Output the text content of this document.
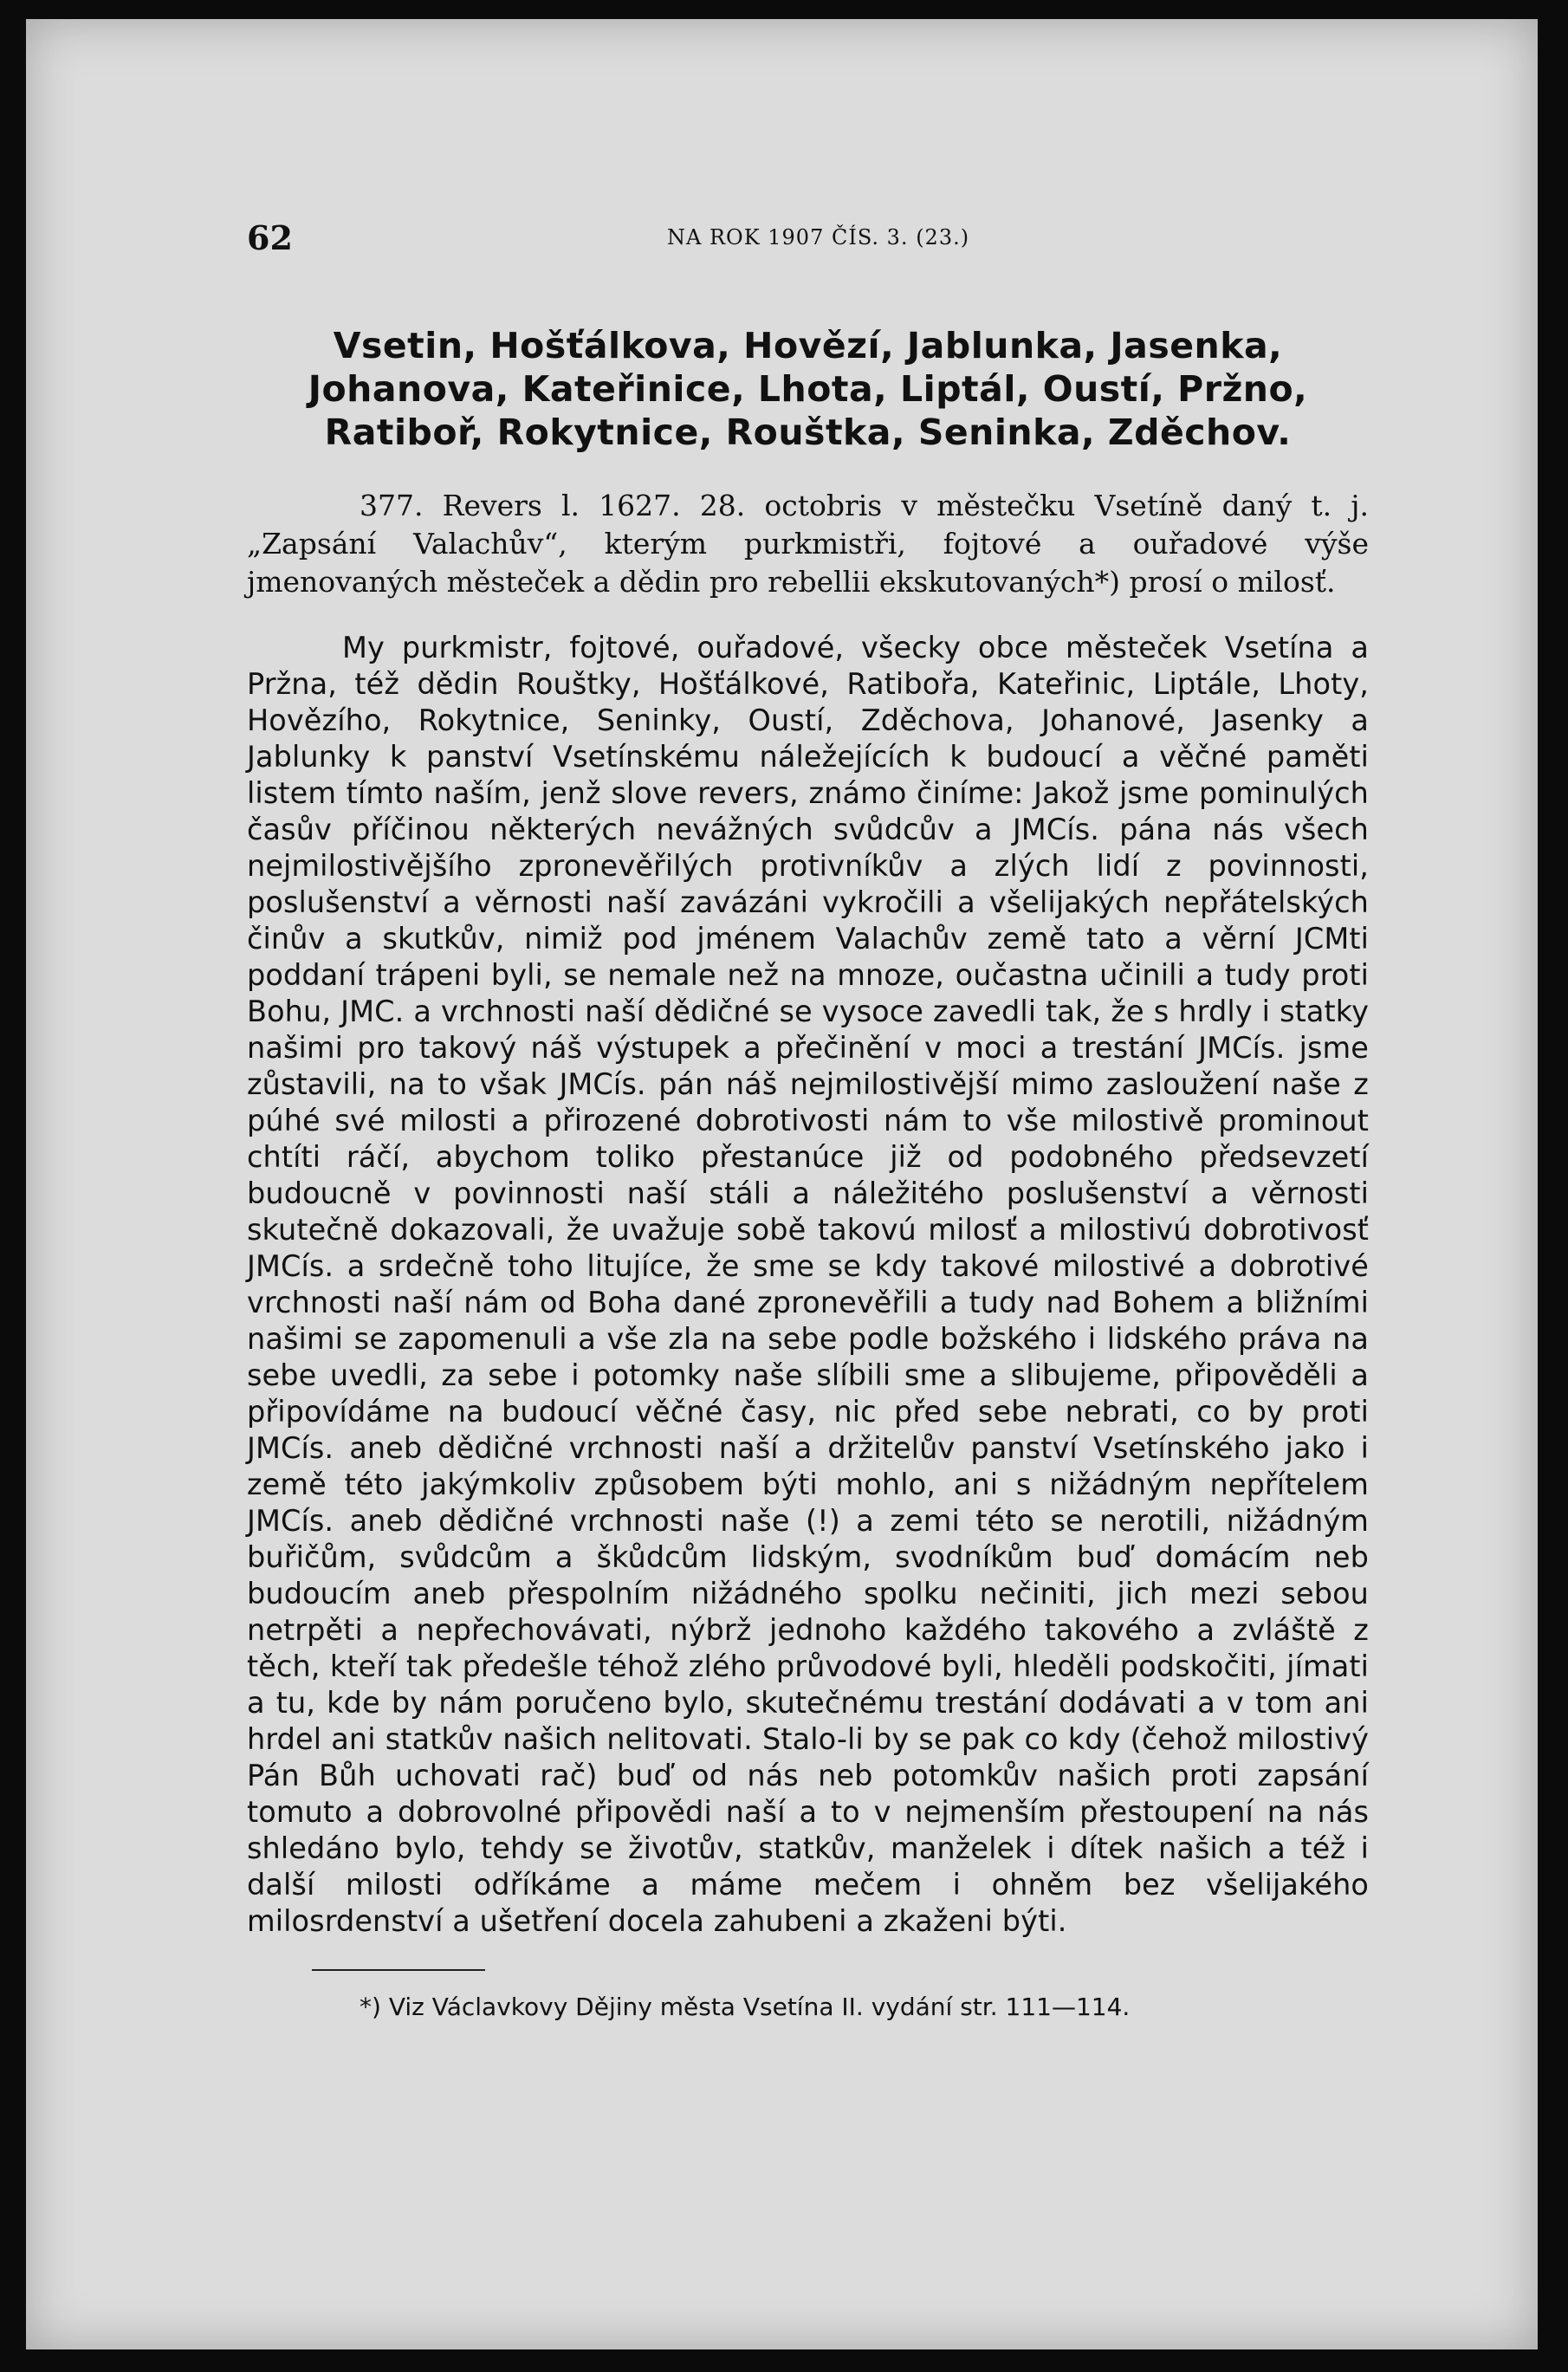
62	NA ROK 1907 ČÍS. 3. (23.)
Vsetin, Hošťálkova, Hovězí, Jablunka, Jasenka, Johanova, Kateřinice, Lhota, Liptál, Oustí, Pržno, Ratiboř, Rokytnice, Rouštka, Seninka, Zděchov.

377. Revers l. 1627. 28. octobris v městečku Vsetíně daný t. j. „Zapsání Valachův“, kterým purkmistři, fojtové a ouřadové výše jmenovaných městeček a dědin pro rebellii ekskutovaných*) prosí o milosť.

My purkmistr, fojtové, ouřadové, všecky obce městeček Vsetína a Pržna, též dědin Rouštky, Hošťálkové, Ratibořa, Kateřinic, Liptále, Lhoty, Hovězího, Rokytnice, Seninky, Oustí, Zděchova, Johanové, Jasenky a Jablunky k panství Vsetínskému náležejících k budoucí a věčné paměti listem tímto naším, jenž slove revers, známo činíme: Jakož jsme pominulých časův příčinou některých nevážných svůdcův a JMCís. pána nás všech nejmilostivějšího zpronevěřilých protivníkův a zlých lidí z povinnosti, poslušenství a věrnosti naší zavázáni vykročili a všelijakých nepřátelských činův a skutkův, nimiž pod jménem Valachův země tato a věrní JCMti poddaní trápeni byli, se nemale než na mnoze, oučastna učinili a tudy proti Bohu, JMC. a vrchnosti naší dědičné se vysoce zavedli tak, že s hrdly i statky našimi pro takový náš výstupek a přečinění v moci a trestání JMCís. jsme zůstavili, na to však JMCís. pán náš nejmilostivější mimo zasloužení naše z púhé své milosti a přirozené dobrotivosti nám to vše milostivě prominout chtíti ráčí, abychom toliko přestanúce již od podobného předsevzetí budoucně v povinnosti naší stáli a náležitého poslušenství a věrnosti skutečně dokazovali, že uvažuje sobě takovú milosť a milostivú dobrotivosť JMCís. a srdečně toho litujíce, že sme se kdy takové milostivé a dobrotivé vrchnosti naší nám od Boha dané zpronevěřili a tudy nad Bohem a bližními našimi se zapomenuli a vše zla na sebe podle božského i lidského práva na sebe uvedli, za sebe i potomky naše slíbili sme a slibujeme, připověděli a připovídáme na budoucí věčné časy, nic před sebe nebrati, co by proti JMCís. aneb dědičné vrchnosti naší a držitelův panství Vsetínského jako i země této jakýmkoliv způsobem býti mohlo, ani s nižádným nepřítelem JMCís. aneb dědičné vrchnosti naše (!) a zemi této se nerotili, nižádným buřičům, svůdcům a škůdcům lidským, svodníkům buď domácím neb budoucím aneb přespolním nižádného spolku nečiniti, jich mezi sebou netrpěti a nepřechovávati, nýbrž jednoho každého takového a zvláště z těch, kteří tak předešle téhož zlého průvodové byli, hleděli podskočiti, jímati a tu, kde by nám poručeno bylo, skutečnému trestání dodávati a v tom ani hrdel ani statkův našich nelitovati. Stalo-li by se pak co kdy (čehož milostivý Pán Bůh uchovati rač) buď od nás neb potomkův našich proti zapsání tomuto a dobrovolné připovědi naší a to v nejmenším přestoupení na nás shledáno bylo, tehdy se životův, statkův, manželek i dítek našich a též i další milosti odříkáme a máme mečem i ohněm bez všelijakého milosrdenství a ušetření docela zahubeni a zkaženi býti.

*) Viz Václavkovy Dějiny města Vsetína II. vydání str. 111—114.
